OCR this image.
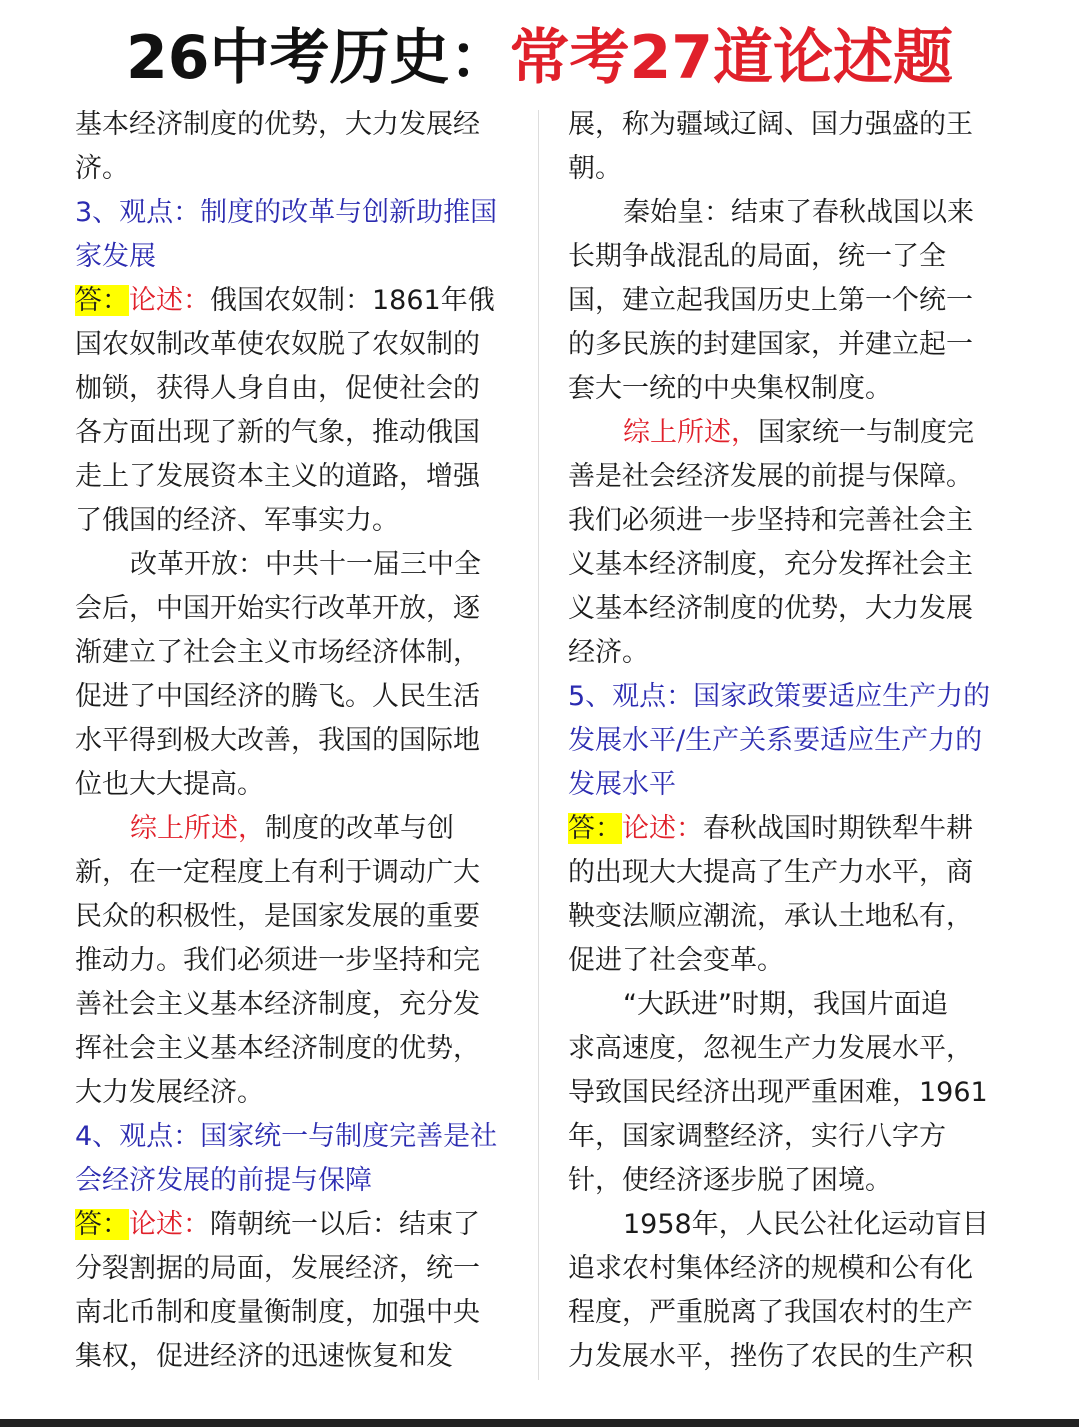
26中考历史：常考27道论述题
基本经济制度的优势，大力发展经
济。
3、观点：制度的改革与创新助推国
家发展
答：论述：俄国农奴制：1861年俄
国农奴制改革使农奴脱了农奴制的
枷锁，获得人身自由，促使社会的
各方面出现了新的气象，推动俄国
走上了发展资本主义的道路，增强
了俄国的经济、军事实力。
改革开放：中共十一届三中全
会后，中国开始实行改革开放，逐
渐建立了社会主义市场经济体制，
促进了中国经济的腾飞。人民生活
水平得到极大改善，我国的国际地
位也大大提高。
综上所述，制度的改革与创
新，在一定程度上有利于调动广大
民众的积极性，是国家发展的重要
推动力。我们必须进一步坚持和完
善社会主义基本经济制度，充分发
挥社会主义基本经济制度的优势，
大力发展经济。
4、观点：国家统一与制度完善是社
会经济发展的前提与保障
答：论述：隋朝统一以后：结束了
分裂割据的局面，发展经济，统一
南北币制和度量衡制度，加强中央
集权，促进经济的迅速恢复和发
展，称为疆域辽阔、国力强盛的王
朝。
秦始皇：结束了春秋战国以来
长期争战混乱的局面，统一了全
国，建立起我国历史上第一个统一
的多民族的封建国家，并建立起一
套大一统的中央集权制度。
综上所述，国家统一与制度完
善是社会经济发展的前提与保障。
我们必须进一步坚持和完善社会主
义基本经济制度，充分发挥社会主
义基本经济制度的优势，大力发展
经济。
5、观点：国家政策要适应生产力的
发展水平/生产关系要适应生产力的
发展水平
答：论述：春秋战国时期铁犁牛耕
的出现大大提高了生产力水平，商
鞅变法顺应潮流，承认土地私有，
促进了社会变革。
“大跃进”时期，我国片面追
求高速度，忽视生产力发展水平，
导致国民经济出现严重困难，1961
年，国家调整经济，实行八字方
针，使经济逐步脱了困境。
1958年，人民公社化运动盲目
追求农村集体经济的规模和公有化
程度，严重脱离了我国农村的生产
力发展水平，挫伤了农民的生产积
